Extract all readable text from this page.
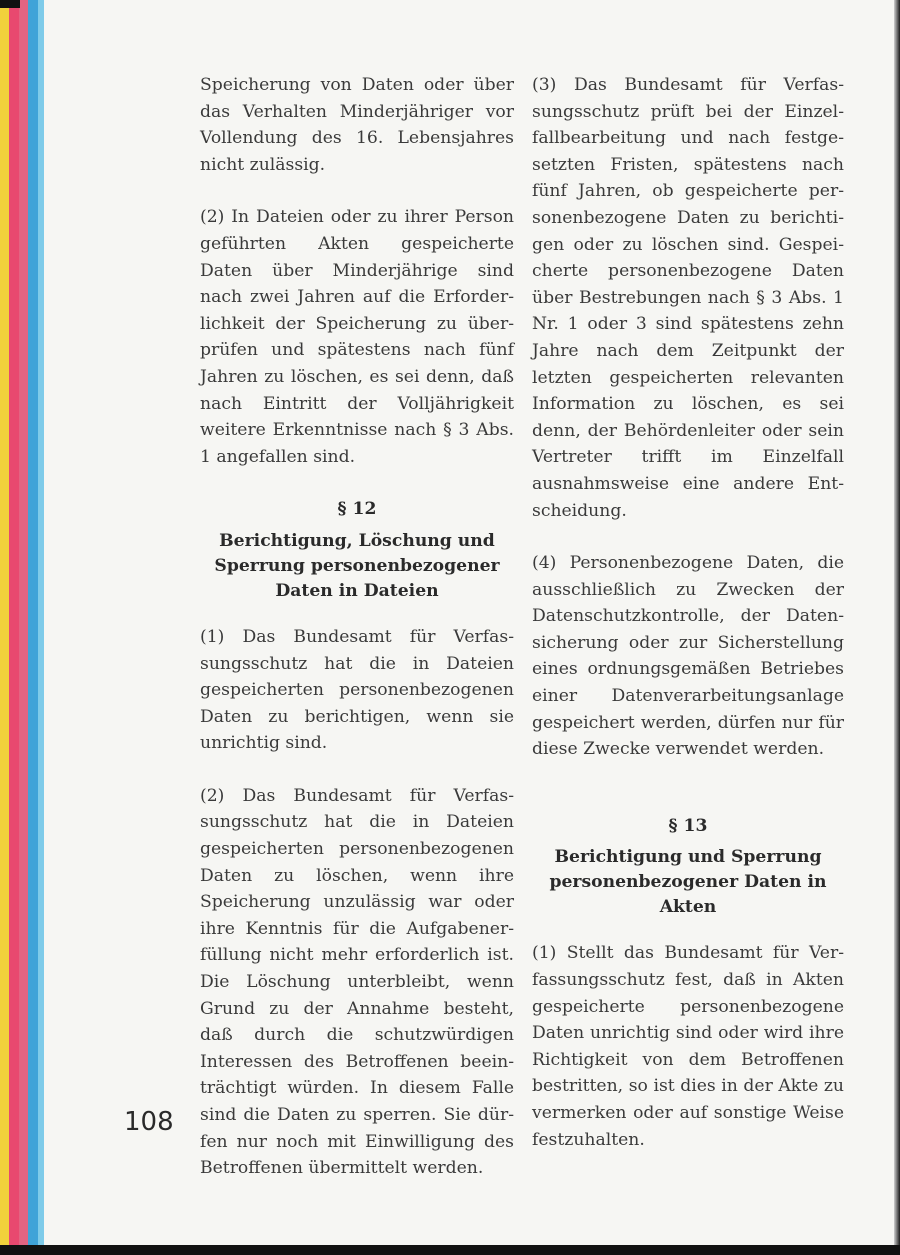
Speicherung von Daten oder über das Verhalten Minderjähriger vor Vollendung des 16. Lebensjahres nicht zulässig.

(2) In Dateien oder zu ihrer Person geführten Akten gespeicherte Daten über Minderjährige sind nach zwei Jahren auf die Erforderlichkeit der Speicherung zu überprüfen und spätestens nach fünf Jahren zu löschen, es sei denn, daß nach Eintritt der Volljährigkeit weitere Erkenntnisse nach § 3 Abs. 1 angefallen sind.

§ 12
Berichtigung, Löschung und Sperrung personenbezogener Daten in Dateien

(1) Das Bundesamt für Verfassungsschutz hat die in Dateien gespeicherten personenbezogenen Daten zu berichtigen, wenn sie unrichtig sind.

(2) Das Bundesamt für Verfassungsschutz hat die in Dateien gespeicherten personenbezogenen Daten zu löschen, wenn ihre Speicherung unzulässig war oder ihre Kenntnis für die Aufgabenerfüllung nicht mehr erforderlich ist. Die Löschung unterbleibt, wenn Grund zu der Annahme besteht, daß durch die schutzwürdigen Interessen des Betroffenen beeinträchtigt würden. In diesem Falle sind die Daten zu sperren. Sie dürfen nur noch mit Einwilligung des Betroffenen übermittelt werden.

(3) Das Bundesamt für Verfassungsschutz prüft bei der Einzelfallbearbeitung und nach festgesetzten Fristen, spätestens nach fünf Jahren, ob gespeicherte personenbezogene Daten zu berichtigen oder zu löschen sind. Gespeicherte personenbezogene Daten über Bestrebungen nach § 3 Abs. 1 Nr. 1 oder 3 sind spätestens zehn Jahre nach dem Zeitpunkt der letzten gespeicherten relevanten Information zu löschen, es sei denn, der Behördenleiter oder sein Vertreter trifft im Einzelfall ausnahmsweise eine andere Entscheidung.

(4) Personenbezogene Daten, die ausschließlich zu Zwecken der Datenschutzkontrolle, der Datensicherung oder zur Sicherstellung eines ordnungsgemäßen Betriebes einer Datenverarbeitungsanlage gespeichert werden, dürfen nur für diese Zwecke verwendet werden.

§ 13
Berichtigung und Sperrung personenbezogener Daten in Akten

(1) Stellt das Bundesamt für Verfassungsschutz fest, daß in Akten gespeicherte personenbezogene Daten unrichtig sind oder wird ihre Richtigkeit von dem Betroffenen bestritten, so ist dies in der Akte zu vermerken oder auf sonstige Weise festzuhalten.

108
